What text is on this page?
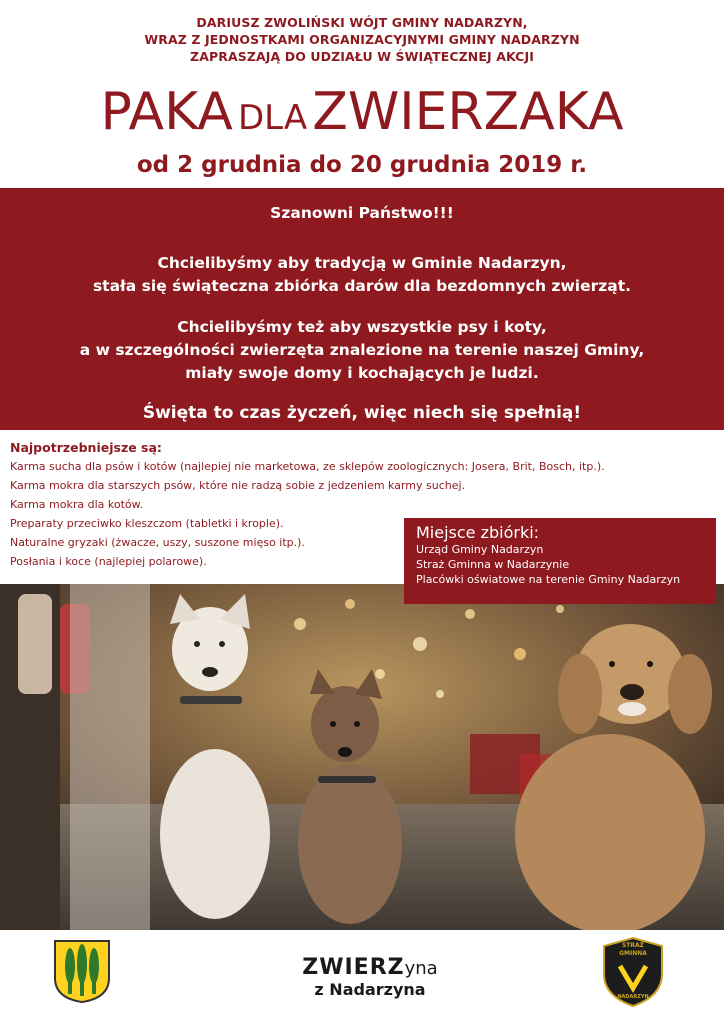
DARIUSZ ZWOLIŃSKI WÓJT GMINY NADARZYN,
WRAZ Z JEDNOSTKAMI ORGANIZACYJNYMI GMINY NADARZYN
ZAPRASZAJĄ DO UDZIAŁU W ŚWIĄTECZNEJ AKCJI
PAKA DLA ZWIERZAKA
od 2 grudnia do 20 grudnia 2019 r.
Szanowni Państwo!!!
Chcielibyśmy aby tradycją w Gminie Nadarzyn,
stała się świąteczna zbiórka darów dla bezdomnych zwierząt.
Chcielibyśmy też aby wszystkie psy i koty,
a w szczególności zwierzęta znalezione na terenie naszej Gminy,
miały swoje domy i kochających je ludzi.
Święta to czas życzeń, więc niech się spełnią!
Najpotrzebniejsze są:
Karma sucha dla psów i kotów (najlepiej nie marketowa, ze sklepów zoologicznych: Josera, Brit, Bosch, itp.).
Karma mokra dla starszych psów, które nie radzą sobie z jedzeniem karmy suchej.
Karma mokra dla kotów.
Preparaty przeciwko kleszczom (tabletki i krople).
Naturalne gryzaki (żwacze, uszy, suszone mięso itp.).
Posłania i koce (najlepiej polarowe).
Miejsce zbiórki:
Urząd Gminy Nadarzyn
Straż Gminna w Nadarzynie
Placówki oświatowe na terenie Gminy Nadarzyn
ZWIERZyna
z Nadarzyna
STRAŻ
GMINNA
NADARZYN
